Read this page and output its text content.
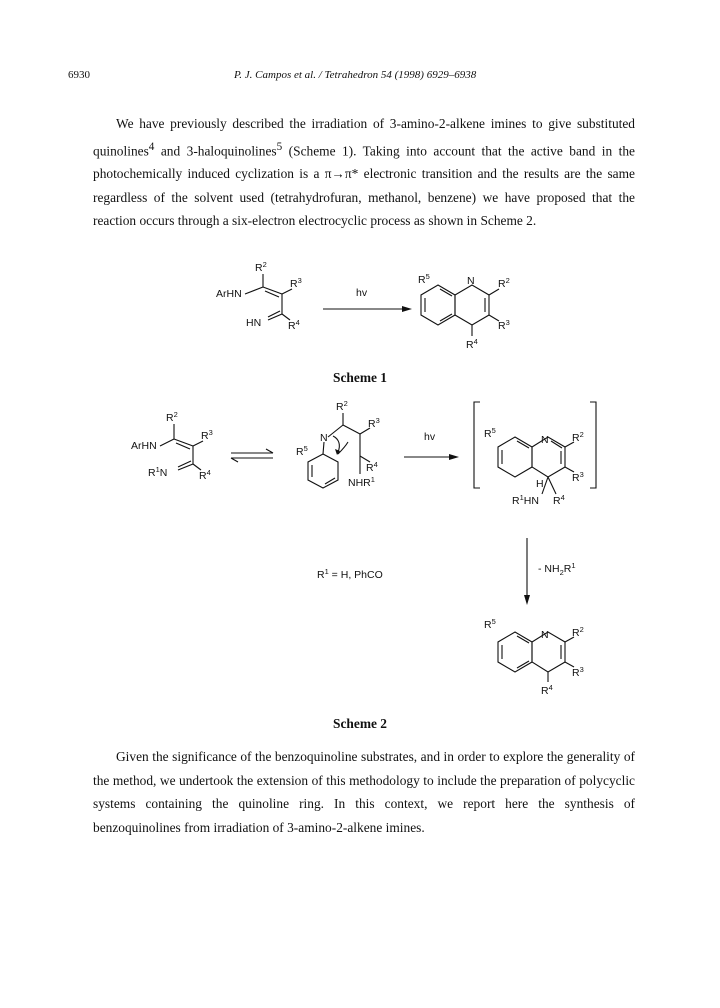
6930	P. J. Campos et al. / Tetrahedron 54 (1998) 6929–6938

We have previously described the irradiation of 3-amino-2-alkene imines to give substituted quinolines$^4$ and 3-haloquinolines$^5$ (Scheme 1). Taking into account that the active band in the photochemically induced cyclization is a π→π* electronic transition and the results are the same regardless of the solvent used (tetrahydrofuran, methanol, benzene) we have proposed that the reaction occurs through a six-electron electrocyclic process as shown in Scheme 2.

$R^2$
ArHN
$R^3$
HN	$R^4$
hv
$R^5$	N $R^2$
$R^3$
$R^4$
Scheme 1
$R^2$
ArHN
$R^3$
$R^1N$	$R^4$
$R^2$
$R^3$
N
$R^4$
NHR$^1$
$R^5$
hv	$R^5$
N $R^2$
$R^3$
H
$R^1HN$ $R^4$
- $NH_2R^1$
$R^1 = H$, PhCO
$R^5$
N $R^2$
$R^3$
$R^4$
Scheme 2

Given the significance of the benzoquinoline substrates, and in order to explore the generality of the method, we undertook the extension of this methodology to include the preparation of polycyclic systems containing the quinoline ring. In this context, we report here the synthesis of benzoquinolines from irradiation of 3-amino-2-alkene imines.
